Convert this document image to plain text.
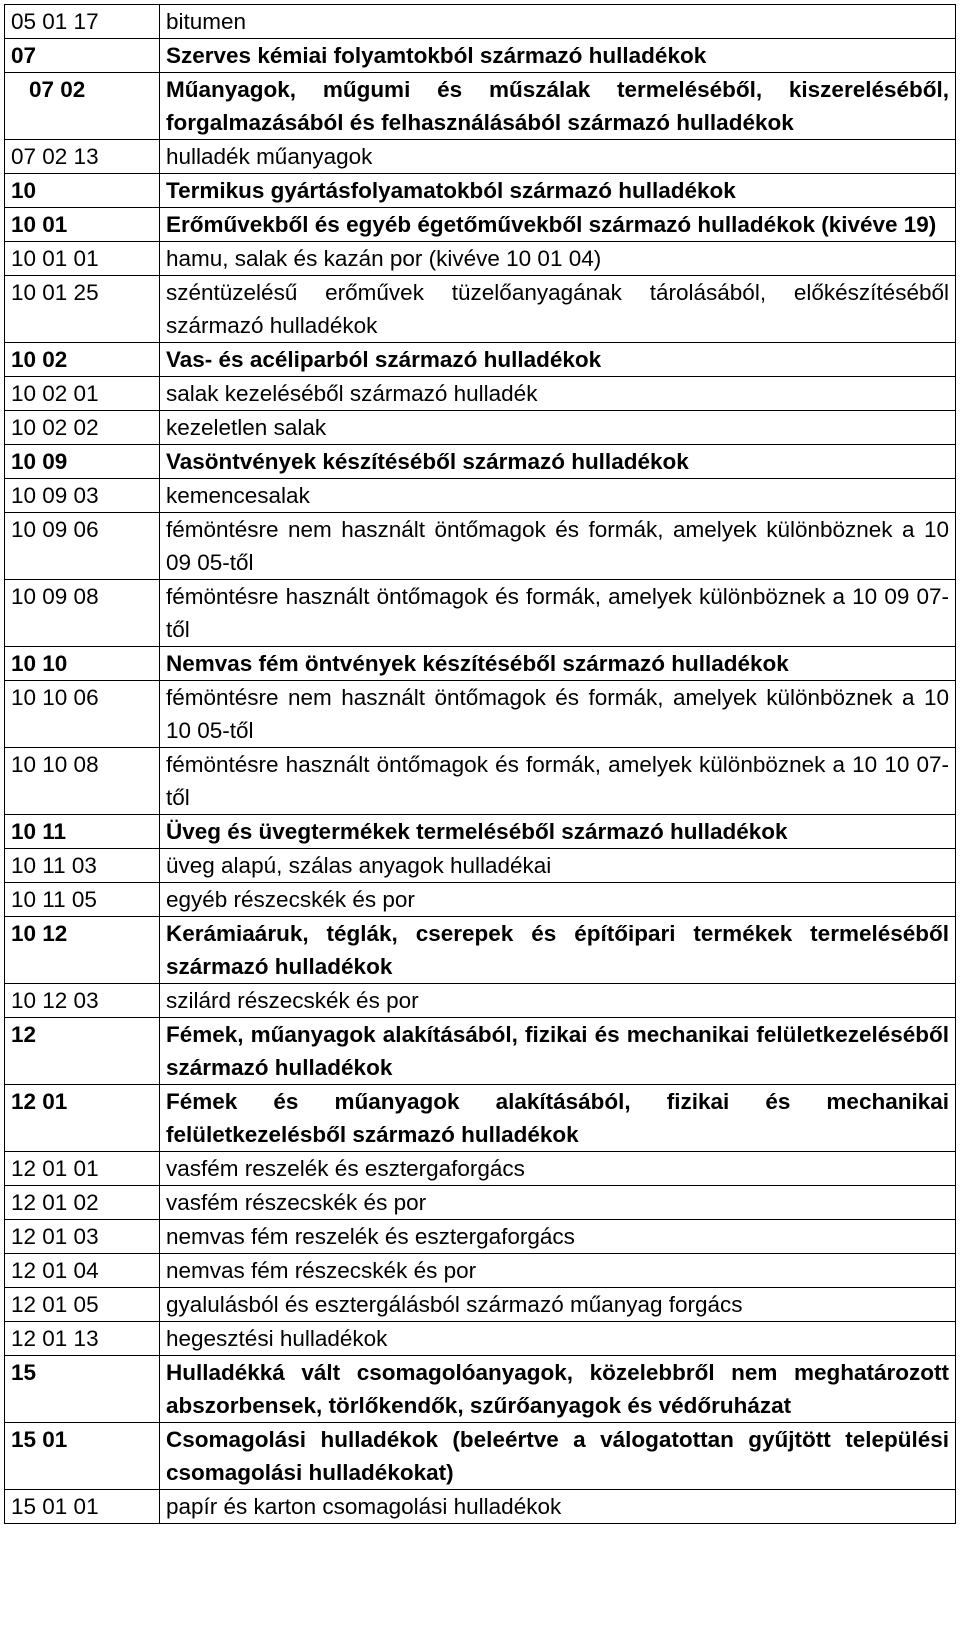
05 01 17	bitumen
07	Szerves kémiai folyamtokból származó hulladékok
07 02	Műanyagok, műgumi és műszálak termeléséből, kiszereléséből, forgalmazásából és felhasználásából származó hulladékok
07 02 13	hulladék műanyagok
10	Termikus gyártásfolyamatokból származó hulladékok
10 01	Erőművekből és egyéb égetőművekből származó hulladékok (kivéve 19)
10 01 01	hamu, salak és kazán por (kivéve 10 01 04)
10 01 25	széntüzelésű erőművek tüzelőanyagának tárolásából, előkészítéséből származó hulladékok
10 02	Vas- és acéliparból származó hulladékok
10 02 01	salak kezeléséből származó hulladék
10 02 02	kezeletlen salak
10 09	Vasöntvények készítéséből származó hulladékok
10 09 03	kemencesalak
10 09 06	fémöntésre nem használt öntőmagok és formák, amelyek különböznek a 10 09 05-től
10 09 08	fémöntésre használt öntőmagok és formák, amelyek különböznek a 10 09 07-től
10 10	Nemvas fém öntvények készítéséből származó hulladékok
10 10 06	fémöntésre nem használt öntőmagok és formák, amelyek különböznek a 10 10 05-től
10 10 08	fémöntésre használt öntőmagok és formák, amelyek különböznek a 10 10 07-től
10 11	Üveg és üvegtermékek termeléséből származó hulladékok
10 11 03	üveg alapú, szálas anyagok hulladékai
10 11 05	egyéb részecskék és por
10 12	Kerámiaáruk, téglák, cserepek és építőipari termékek termeléséből származó hulladékok
10 12 03	szilárd részecskék és por
12	Fémek, műanyagok alakításából, fizikai és mechanikai felületkezeléséből származó hulladékok
12 01	Fémek és műanyagok alakításából, fizikai és mechanikai felületkezelésből származó hulladékok
12 01 01	vasfém reszelék és esztergaforgács
12 01 02	vasfém részecskék és por
12 01 03	nemvas fém reszelék és esztergaforgács
12 01 04	nemvas fém részecskék és por
12 01 05	gyalulásból és esztergálásból származó műanyag forgács
12 01 13	hegesztési hulladékok
15	Hulladékká vált csomagolóanyagok, közelebbről nem meghatározott abszorbensek, törlőkendők, szűrőanyagok és védőruházat
15 01	Csomagolási hulladékok (beleértve a válogatottan gyűjtött települési csomagolási hulladékokat)
15 01 01	papír és karton csomagolási hulladékok
